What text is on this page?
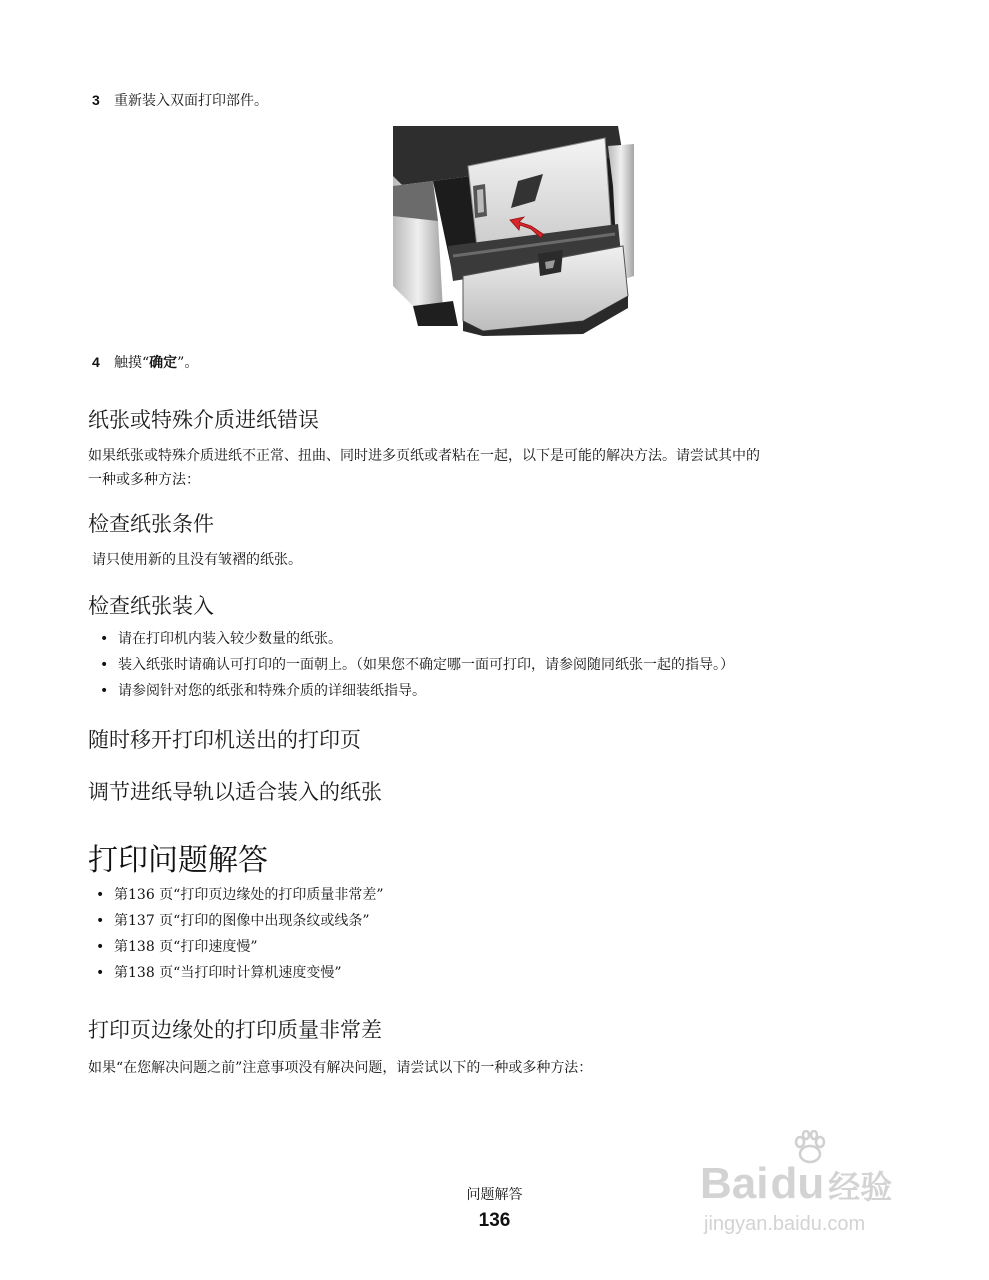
3 重新装入双面打印部件。
4 触摸“确定”。
纸张或特殊介质进纸错误
如果纸张或特殊介质进纸不正常、扭曲、同时进多页纸或者粘在一起，以下是可能的解决方法。请尝试其中的
一种或多种方法：
检查纸张条件
请只使用新的且没有皱褶的纸张。
检查纸张装入
• 请在打印机内装入较少数量的纸张。
• 装入纸张时请确认可打印的一面朝上。（如果您不确定哪一面可打印，请参阅随同纸张一起的指导。）
• 请参阅针对您的纸张和特殊介质的详细装纸指导。
随时移开打印机送出的打印页
调节进纸导轨以适合装入的纸张
打印问题解答
• 第136 页“打印页边缘处的打印质量非常差”
• 第137 页“打印的图像中出现条纹或线条”
• 第138 页“打印速度慢”
• 第138 页“当打印时计算机速度变慢”
打印页边缘处的打印质量非常差
如果“在您解决问题之前”注意事项没有解决问题，请尝试以下的一种或多种方法：
问题解答
136
Baidu 经验
jingyan.baidu.com
